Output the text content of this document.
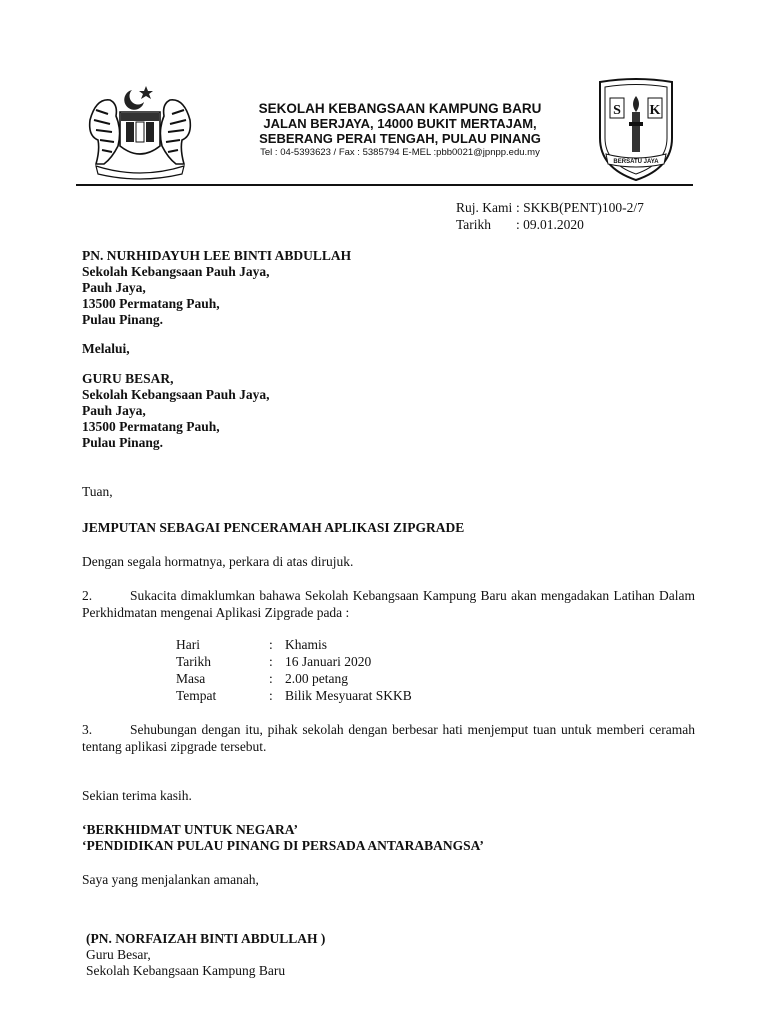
SEKOLAH KEBANGSAAN KAMPUNG BARU
JALAN BERJAYA, 14000 BUKIT MERTAJAM,
SEBERANG PERAI TENGAH, PULAU PINANG
Tel : 04-5393623 / Fax : 5385794 E-MEL :pbb0021@jpnpp.edu.my
S K
BERSATU JAYA
Ruj. Kami : SKKB(PENT)100-2/7
Tarikh : 09.01.2020
PN. NURHIDAYUH LEE BINTI ABDULLAH
Sekolah Kebangsaan Pauh Jaya,
Pauh Jaya,
13500 Permatang Pauh,
Pulau Pinang.
Melalui,
GURU BESAR,
Sekolah Kebangsaan Pauh Jaya,
Pauh Jaya,
13500 Permatang Pauh,
Pulau Pinang.
Tuan,
JEMPUTAN SEBAGAI PENCERAMAH APLIKASI ZIPGRADE
Dengan segala hormatnya, perkara di atas dirujuk.
2.	Sukacita dimaklumkan bahawa Sekolah Kebangsaan Kampung Baru akan mengadakan Latihan Dalam Perkhidmatan mengenai Aplikasi Zipgrade pada :
Hari	: Khamis
Tarikh	: 16 Januari 2020
Masa	: 2.00 petang
Tempat	: Bilik Mesyuarat SKKB
3.	Sehubungan dengan itu, pihak sekolah dengan berbesar hati menjemput tuan untuk memberi ceramah tentang aplikasi zipgrade tersebut.
Sekian terima kasih.
‘BERKHIDMAT UNTUK NEGARA’
‘PENDIDIKAN PULAU PINANG DI PERSADA ANTARABANGSA’
Saya yang menjalankan amanah,
(PN. NORFAIZAH BINTI ABDULLAH )
Guru Besar,
Sekolah Kebangsaan Kampung Baru
